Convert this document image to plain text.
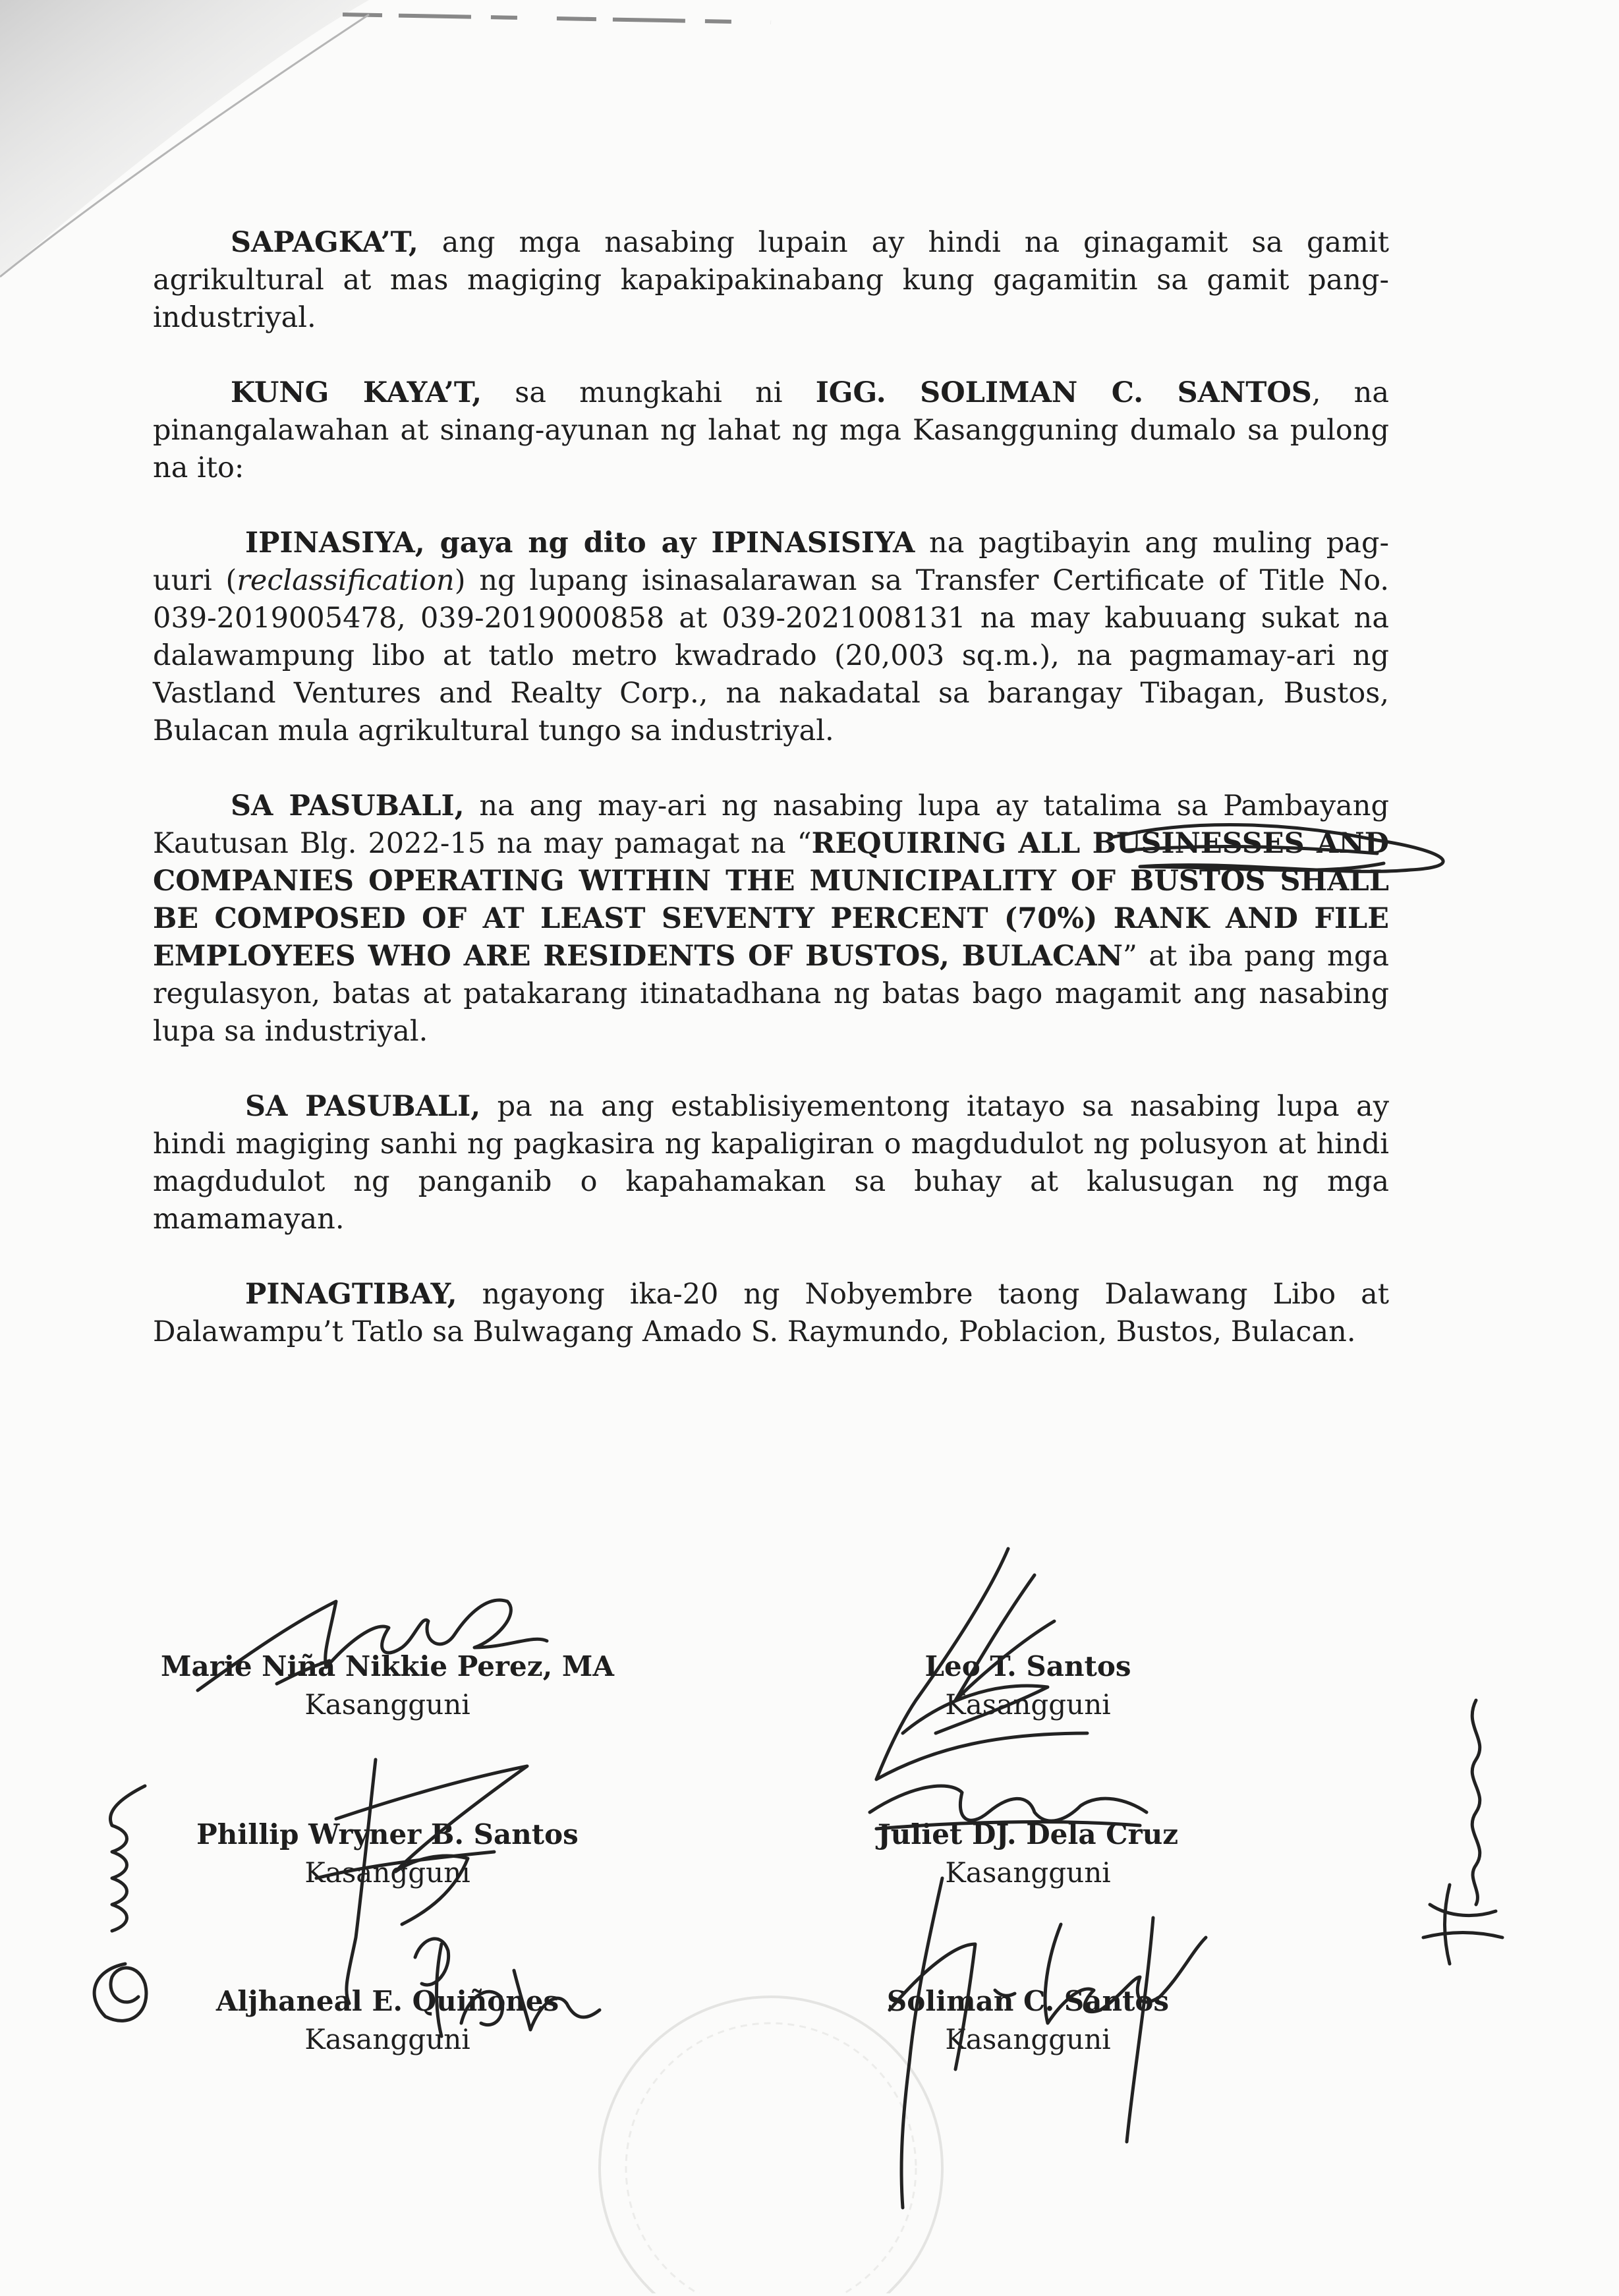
SAPAGKA’T, ang mga nasabing lupain ay hindi na ginagamit sa gamit agrikultural at mas magiging kapakipakinabang kung gagamitin sa gamit pang-industriyal.

KUNG KAYA’T, sa mungkahi ni IGG. SOLIMAN C. SANTOS, na pinangalawahan at sinang-ayunan ng lahat ng mga Kasangguning dumalo sa pulong na ito:

IPINASIYA, gaya ng dito ay IPINASISIYA na pagtibayin ang muling pag-uuri (reclassification) ng lupang isinasalarawan sa Transfer Certificate of Title No. 039-2019005478, 039-2019000858 at 039-2021008131 na may kabuuang sukat na dalawampung libo at tatlo metro kwadrado (20,003 sq.m.), na pagmamay-ari ng Vastland Ventures and Realty Corp., na nakadatal sa barangay Tibagan, Bustos, Bulacan mula agrikultural tungo sa industriyal.

SA PASUBALI, na ang may-ari ng nasabing lupa ay tatalima sa Pambayang Kautusan Blg. 2022-15 na may pamagat na “REQUIRING ALL BUSINESSES AND COMPANIES OPERATING WITHIN THE MUNICIPALITY OF BUSTOS SHALL BE COMPOSED OF AT LEAST SEVENTY PERCENT (70%) RANK AND FILE EMPLOYEES WHO ARE RESIDENTS OF BUSTOS, BULACAN” at iba pang mga regulasyon, batas at patakarang itinatadhana ng batas bago magamit ang nasabing lupa sa industriyal.

SA PASUBALI, pa na ang establisiyementong itatayo sa nasabing lupa ay hindi magiging sanhi ng pagkasira ng kapaligiran o magdudulot ng polusyon at hindi magdudulot ng panganib o kapahamakan sa buhay at kalusugan ng mga mamamayan.

PINAGTIBAY, ngayong ika-20 ng Nobyembre taong Dalawang Libo at Dalawampu’t Tatlo sa Bulwagang Amado S. Raymundo, Poblacion, Bustos, Bulacan.

Marie Niña Nikkie Perez, MA
Kasangguni
Leo T. Santos
Kasangguni
Phillip Wryner B. Santos
Kasangguni
Juliet DJ. Dela Cruz
Kasangguni
Aljhaneal E. Quiñones
Kasangguni
Soliman C. Santos
Kasangguni
